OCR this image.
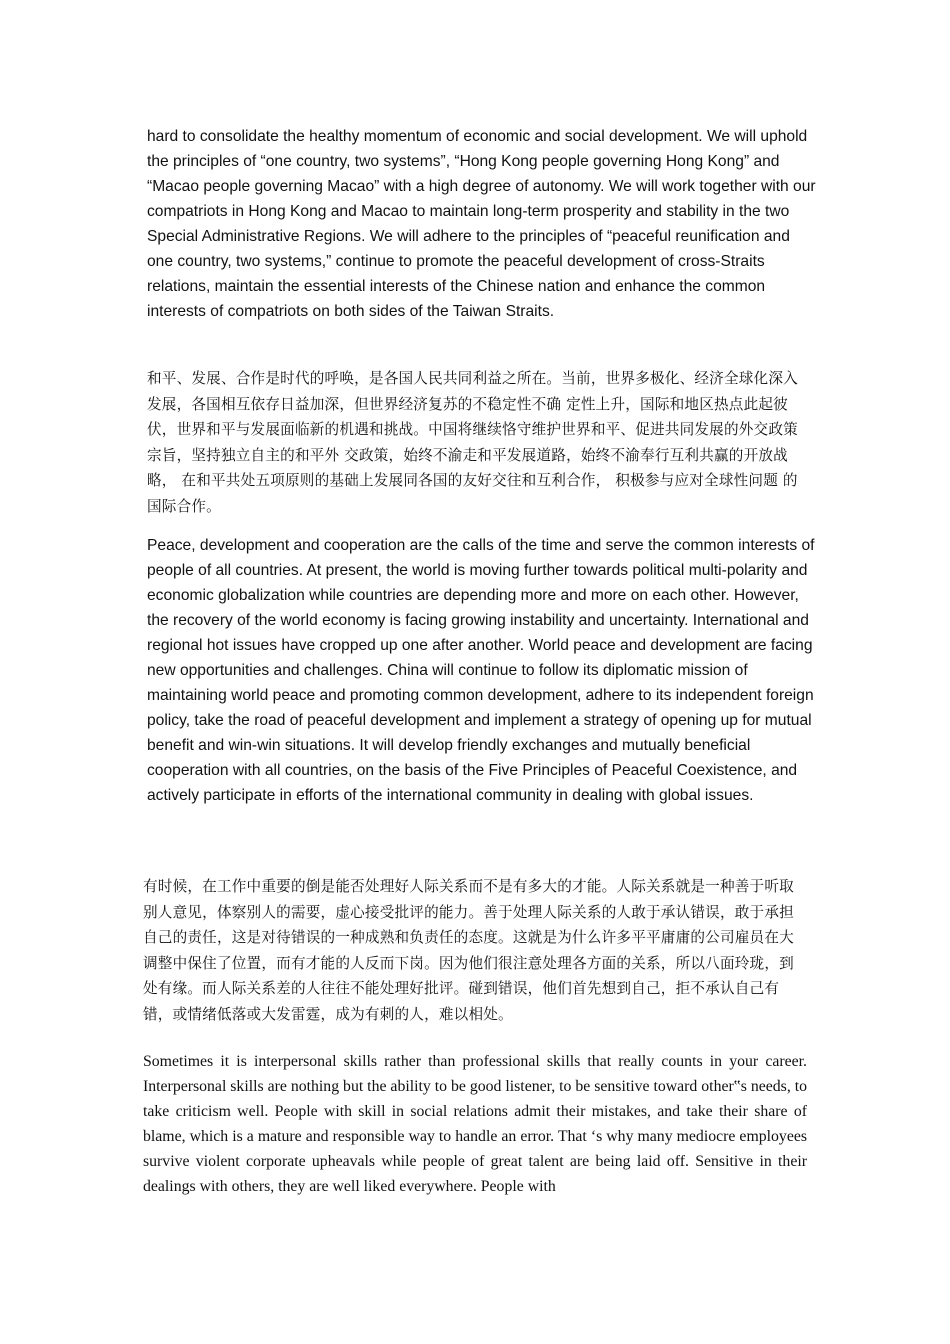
hard to consolidate the healthy momentum of economic and social development. We will uphold the principles of “one country, two systems”, “Hong Kong people governing Hong Kong” and “Macao people governing Macao” with a high degree of autonomy. We will work together with our compatriots in Hong Kong and Macao to maintain long-term prosperity and stability in the two Special Administrative Regions. We will adhere to the principles of “peaceful reunification and one country, two systems,” continue to promote the peaceful development of cross-Straits relations, maintain the essential interests of the Chinese nation and enhance the common interests of compatriots on both sides of the Taiwan Straits.

和平、发展、合作是时代的呼唤，是各国人民共同利益之所在。当前，世界多极化、经济全球化深入发展，各国相互依存日益加深，但世界经济复苏的不稳定性不确 定性上升，国际和地区热点此起彼伏，世界和平与发展面临新的机遇和挑战。中国将继续恪守维护世界和平、促进共同发展的外交政策宗旨，坚持独立自主的和平外 交政策，始终不渝走和平发展道路，始终不渝奉行互利共赢的开放战略， 在和平共处五项原则的基础上发展同各国的友好交往和互利合作， 积极参与应对全球性问题 的国际合作。

Peace, development and cooperation are the calls of the time and serve the common interests of people of all countries. At present, the world is moving further towards political multi-polarity and economic globalization while countries are depending more and more on each other. However, the recovery of the world economy is facing growing instability and uncertainty. International and regional hot issues have cropped up one after another. World peace and development are facing new opportunities and challenges. China will continue to follow its diplomatic mission of maintaining world peace and promoting common development, adhere to its independent foreign policy, take the road of peaceful development and implement a strategy of opening up for mutual benefit and win-win situations. It will develop friendly exchanges and mutually beneficial cooperation with all countries, on the basis of the Five Principles of Peaceful Coexistence, and actively participate in efforts of the international community in dealing with global issues.

有时候，在工作中重要的倒是能否处理好人际关系而不是有多大的才能。人际关系就是一种善于听取别人意见，体察别人的需要，虚心接受批评的能力。善于处理人际关系的人敢于承认错误，敢于承担自己的责任，这是对待错误的一种成熟和负责任的态度。这就是为什么许多平平庸庸的公司雇员在大调整中保住了位置，而有才能的人反而下岗。因为他们很注意处理各方面的关系，所以八面玲珑，到处有缘。而人际关系差的人往往不能处理好批评。碰到错误，他们首先想到自己，拒不承认自己有错，或情绪低落或大发雷霆，成为有刺的人，难以相处。

Sometimes it is interpersonal skills rather than professional skills that really counts in your career. Interpersonal skills are nothing but the ability to be good listener, to be sensitive toward other‟s needs, to take criticism well. People with skill in social relations admit their mistakes, and take their share of blame, which is a mature and responsible way to handle an error. That ‘s why many mediocre employees survive violent corporate upheavals while people of great talent are being laid off. Sensitive in their dealings with others, they are well liked everywhere. People with
